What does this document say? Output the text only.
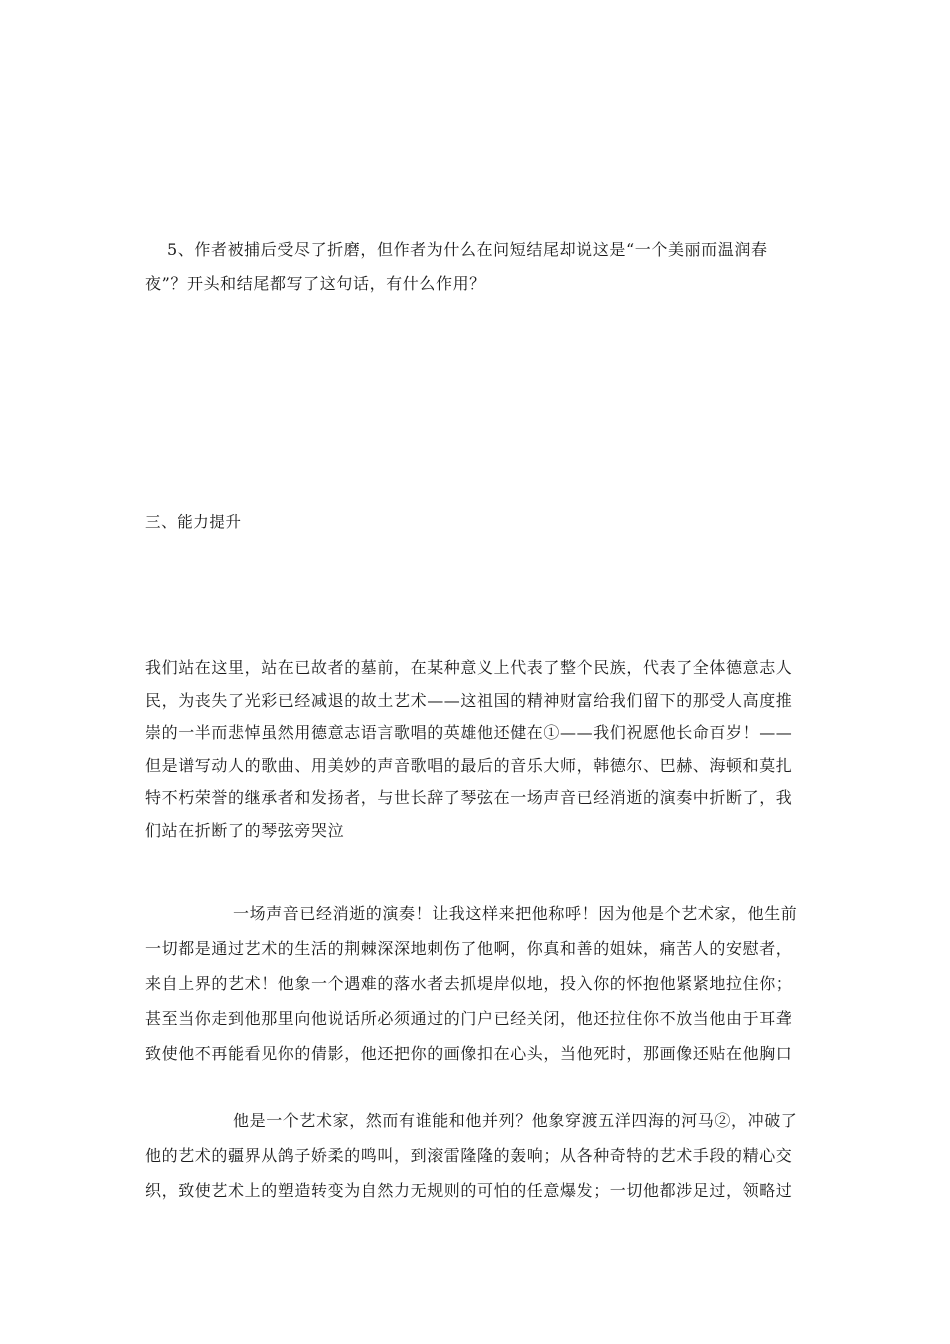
5、作者被捕后受尽了折磨，但作者为什么在问短结尾却说这是“一个美丽而温润春
夜”？开头和结尾都写了这句话，有什么作用？
三、能力提升
我们站在这里，站在已故者的墓前，在某种意义上代表了整个民族，代表了全体德意志人
民，为丧失了光彩已经减退的故土艺术——这祖国的精神财富给我们留下的那受人高度推
崇的一半而悲悼虽然用德意志语言歌唱的英雄他还健在①——我们祝愿他长命百岁！——
但是谱写动人的歌曲、用美妙的声音歌唱的最后的音乐大师，韩德尔、巴赫、海顿和莫扎
特不朽荣誉的继承者和发扬者，与世长辞了琴弦在一场声音已经消逝的演奏中折断了，我
们站在折断了的琴弦旁哭泣
一场声音已经消逝的演奏！让我这样来把他称呼！因为他是个艺术家，他生前
一切都是通过艺术的生活的荆棘深深地刺伤了他啊，你真和善的姐妹，痛苦人的安慰者，
来自上界的艺术！他象一个遇难的落水者去抓堤岸似地，投入你的怀抱他紧紧地拉住你；
甚至当你走到他那里向他说话所必须通过的门户已经关闭，他还拉住你不放当他由于耳聋
致使他不再能看见你的倩影，他还把你的画像扣在心头，当他死时，那画像还贴在他胸口
他是一个艺术家，然而有谁能和他并列？他象穿渡五洋四海的河马②，冲破了
他的艺术的疆界从鸽子娇柔的鸣叫，到滚雷隆隆的轰响；从各种奇特的艺术手段的精心交
织，致使艺术上的塑造转变为自然力无规则的可怕的任意爆发；一切他都涉足过，领略过
